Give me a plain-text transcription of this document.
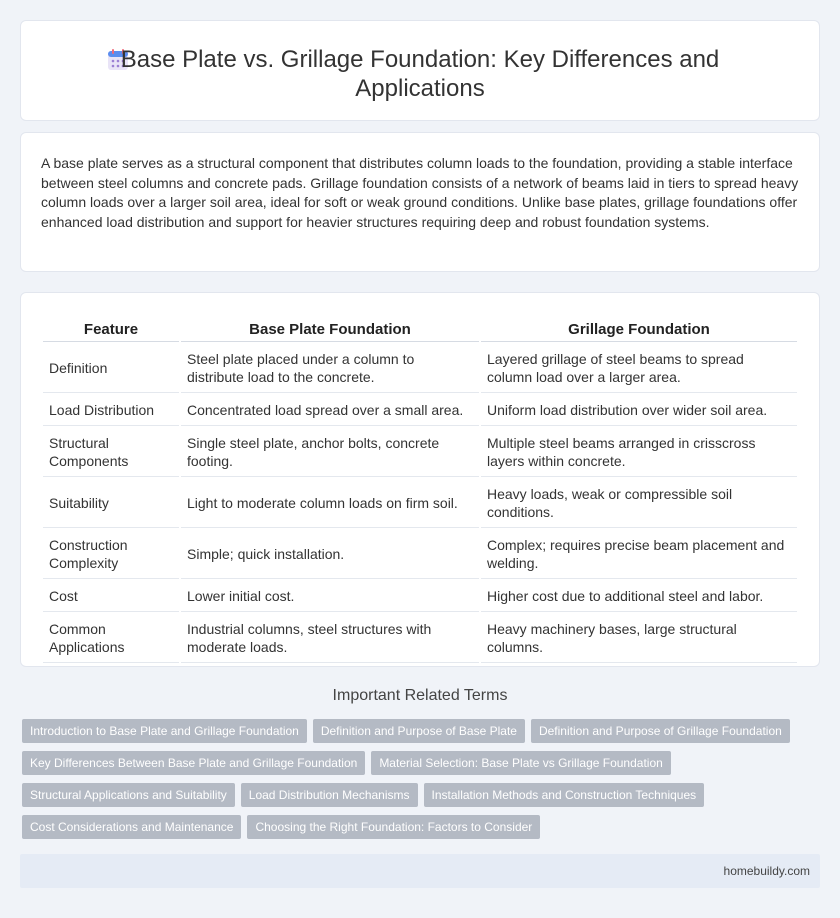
Base Plate vs. Grillage Foundation: Key Differences and Applications

A base plate serves as a structural component that distributes column loads to the foundation, providing a stable interface between steel columns and concrete pads. Grillage foundation consists of a network of beams laid in tiers to spread heavy column loads over a larger soil area, ideal for soft or weak ground conditions. Unlike base plates, grillage foundations offer enhanced load distribution and support for heavier structures requiring deep and robust foundation systems.

Feature	Base Plate Foundation	Grillage Foundation
Definition	Steel plate placed under a column to distribute load to the concrete.	Layered grillage of steel beams to spread column load over a larger area.
Load Distribution	Concentrated load spread over a small area.	Uniform load distribution over wider soil area.
Structural Components	Single steel plate, anchor bolts, concrete footing.	Multiple steel beams arranged in crisscross layers within concrete.
Suitability	Light to moderate column loads on firm soil.	Heavy loads, weak or compressible soil conditions.
Construction Complexity	Simple; quick installation.	Complex; requires precise beam placement and welding.
Cost	Lower initial cost.	Higher cost due to additional steel and labor.
Common Applications	Industrial columns, steel structures with moderate loads.	Heavy machinery bases, large structural columns.
Important Related Terms
Introduction to Base Plate and Grillage Foundation Definition and Purpose of Base Plate Definition and Purpose of Grillage Foundation
Key Differences Between Base Plate and Grillage Foundation Material Selection: Base Plate vs Grillage Foundation
Structural Applications and Suitability Load Distribution Mechanisms Installation Methods and Construction Techniques
Cost Considerations and Maintenance Choosing the Right Foundation: Factors to Consider
homebuildy.com
